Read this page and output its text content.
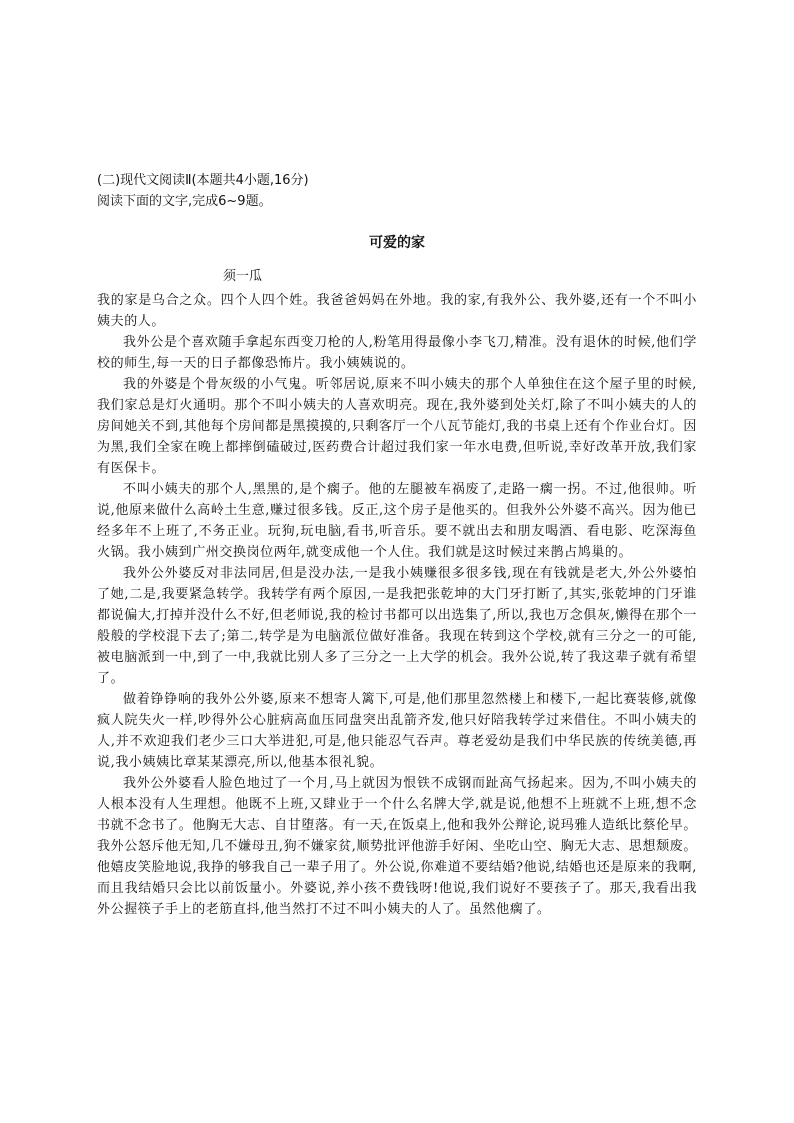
(二)现代文阅读Ⅱ(本题共4小题,16分)
阅读下面的文字,完成6~9题。
可爱的家
须一瓜

我的家是乌合之众。四个人四个姓。我爸爸妈妈在外地。我的家,有我外公、我外婆,还有一个不叫小姨夫的人。

我外公是个喜欢随手拿起东西变刀枪的人,粉笔用得最像小李飞刀,精准。没有退休的时候,他们学校的师生,每一天的日子都像恐怖片。我小姨姨说的。

我的外婆是个骨灰级的小气鬼。听邻居说,原来不叫小姨夫的那个人单独住在这个屋子里的时候,我们家总是灯火通明。那个不叫小姨夫的人喜欢明亮。现在,我外婆到处关灯,除了不叫小姨夫的人的房间她关不到,其他每个房间都是黑摸摸的,只剩客厅一个八瓦节能灯,我的书桌上还有个作业台灯。因为黑,我们全家在晚上都摔倒磕破过,医药费合计超过我们家一年水电费,但听说,幸好改革开放,我们家有医保卡。

不叫小姨夫的那个人,黑黑的,是个瘸子。他的左腿被车祸废了,走路一瘸一拐。不过,他很帅。听说,他原来做什么高岭土生意,赚过很多钱。反正,这个房子是他买的。但我外公外婆不高兴。因为他已经多年不上班了,不务正业。玩狗,玩电脑,看书,听音乐。要不就出去和朋友喝酒、看电影、吃深海鱼火锅。我小姨到广州交换岗位两年,就变成他一个人住。我们就是这时候过来鹊占鸠巢的。

我外公外婆反对非法同居,但是没办法,一是我小姨赚很多很多钱,现在有钱就是老大,外公外婆怕了她,二是,我要紧急转学。我转学有两个原因,一是我把张乾坤的大门牙打断了,其实,张乾坤的门牙谁都说偏大,打掉并没什么不好,但老师说,我的检讨书都可以出选集了,所以,我也万念俱灰,懒得在那个一般般的学校混下去了;第二,转学是为电脑派位做好准备。我现在转到这个学校,就有三分之一的可能,被电脑派到一中,到了一中,我就比别人多了三分之一上大学的机会。我外公说,转了我这辈子就有希望了。

做着铮铮响的我外公外婆,原来不想寄人篱下,可是,他们那里忽然楼上和楼下,一起比赛装修,就像疯人院失火一样,吵得外公心脏病高血压同盘突出乱箭齐发,他只好陪我转学过来借住。不叫小姨夫的人,并不欢迎我们老少三口大举进犯,可是,他只能忍气吞声。尊老爱幼是我们中华民族的传统美德,再说,我小姨姨比章某某漂亮,所以,他基本很礼貌。

我外公外婆看人脸色地过了一个月,马上就因为恨铁不成钢而趾高气扬起来。因为,不叫小姨夫的人根本没有人生理想。他既不上班,又肆业于一个什么名牌大学,就是说,他想不上班就不上班,想不念书就不念书了。他胸无大志、自甘堕落。有一天,在饭桌上,他和我外公辩论,说玛雅人造纸比蔡伦早。我外公怒斥他无知,几不嫌母丑,狗不嫌家贫,顺势批评他游手好闲、坐吃山空、胸无大志、思想颓废。他嬉皮笑脸地说,我挣的够我自己一辈子用了。外公说,你难道不要结婚?他说,结婚也还是原来的我啊,而且我结婚只会比以前饭量小。外婆说,养小孩不费钱呀!他说,我们说好不要孩子了。那天,我看出我外公握筷子手上的老筋直抖,他当然打不过不叫小姨夫的人了。虽然他瘸了。
